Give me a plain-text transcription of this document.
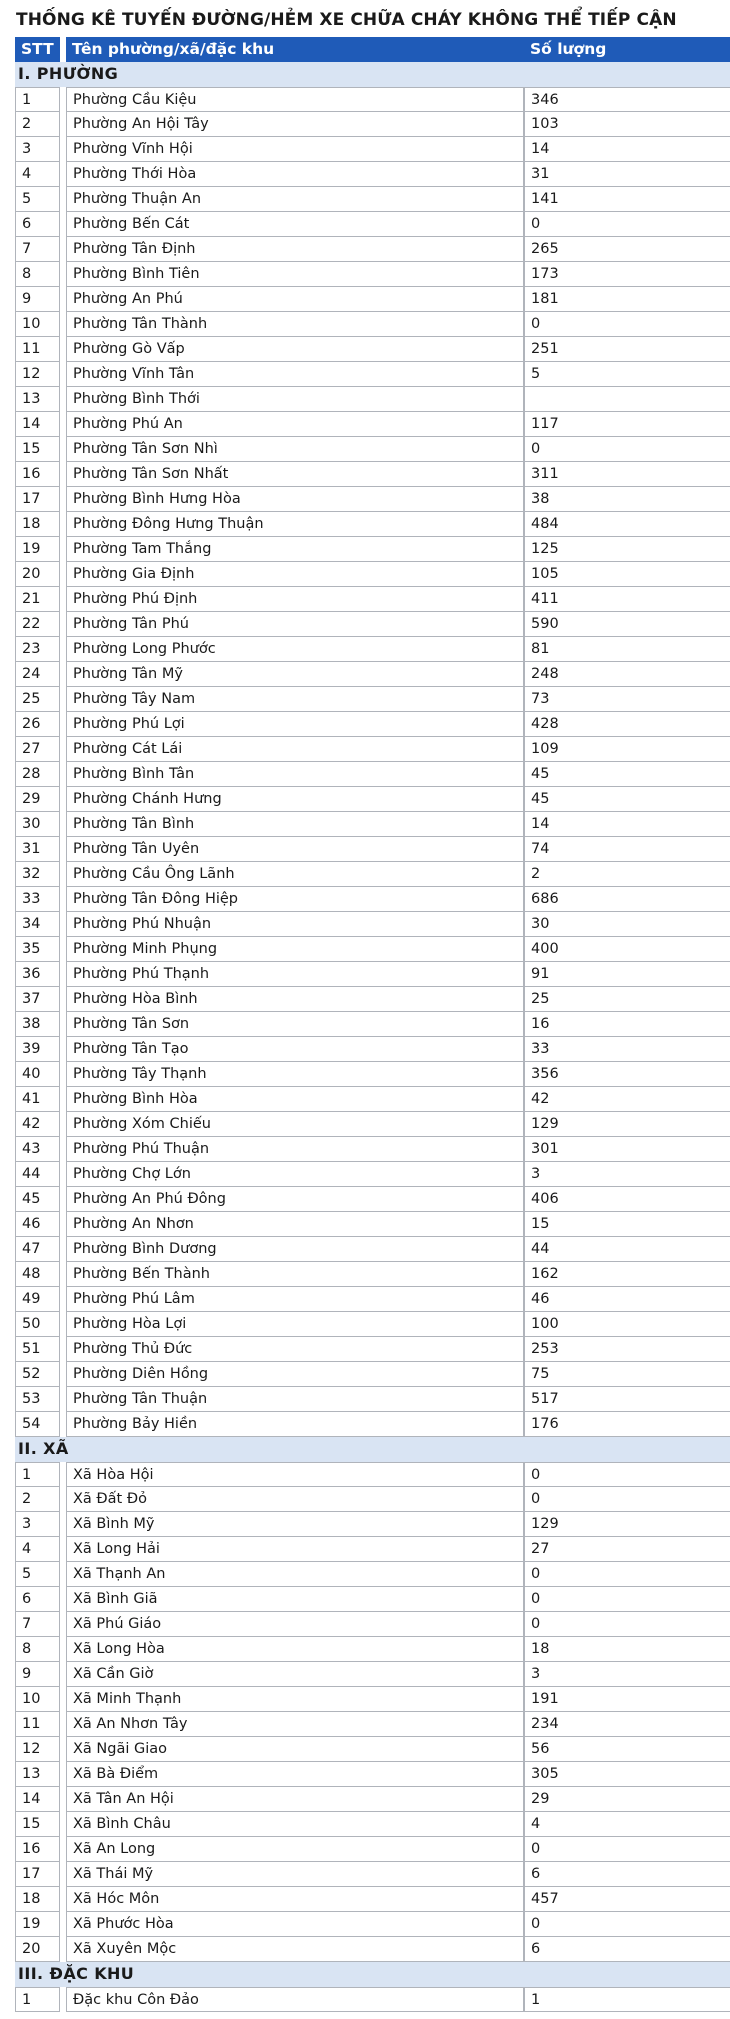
THỐNG KÊ TUYẾN ĐƯỜNG/HẺM XE CHỮA CHÁY KHÔNG THỂ TIẾP CẬN
STT	Tên phường/xã/đặc khu	Số lượng
I. PHƯỜNG
1	Phường Cầu Kiệu	346
2	Phường An Hội Tây	103
3	Phường Vĩnh Hội	14
4	Phường Thới Hòa	31
5	Phường Thuận An	141
6	Phường Bến Cát	0
7	Phường Tân Định	265
8	Phường Bình Tiên	173
9	Phường An Phú	181
10	Phường Tân Thành	0
11	Phường Gò Vấp	251
12	Phường Vĩnh Tân	5
13	Phường Bình Thới
14	Phường Phú An	117
15	Phường Tân Sơn Nhì	0
16	Phường Tân Sơn Nhất	311
17	Phường Bình Hưng Hòa	38
18	Phường Đông Hưng Thuận	484
19	Phường Tam Thắng	125
20	Phường Gia Định	105
21	Phường Phú Định	411
22	Phường Tân Phú	590
23	Phường Long Phước	81
24	Phường Tân Mỹ	248
25	Phường Tây Nam	73
26	Phường Phú Lợi	428
27	Phường Cát Lái	109
28	Phường Bình Tân	45
29	Phường Chánh Hưng	45
30	Phường Tân Bình	14
31	Phường Tân Uyên	74
32	Phường Cầu Ông Lãnh	2
33	Phường Tân Đông Hiệp	686
34	Phường Phú Nhuận	30
35	Phường Minh Phụng	400
36	Phường Phú Thạnh	91
37	Phường Hòa Bình	25
38	Phường Tân Sơn	16
39	Phường Tân Tạo	33
40	Phường Tây Thạnh	356
41	Phường Bình Hòa	42
42	Phường Xóm Chiếu	129
43	Phường Phú Thuận	301
44	Phường Chợ Lớn	3
45	Phường An Phú Đông	406
46	Phường An Nhơn	15
47	Phường Bình Dương	44
48	Phường Bến Thành	162
49	Phường Phú Lâm	46
50	Phường Hòa Lợi	100
51	Phường Thủ Đức	253
52	Phường Diên Hồng	75
53	Phường Tân Thuận	517
54	Phường Bảy Hiền	176
II. XÃ
1	Xã Hòa Hội	0
2	Xã Đất Đỏ	0
3	Xã Bình Mỹ	129
4	Xã Long Hải	27
5	Xã Thạnh An	0
6	Xã Bình Giã	0
7	Xã Phú Giáo	0
8	Xã Long Hòa	18
9	Xã Cần Giờ	3
10	Xã Minh Thạnh	191
11	Xã An Nhơn Tây	234
12	Xã Ngãi Giao	56
13	Xã Bà Điểm	305
14	Xã Tân An Hội	29
15	Xã Bình Châu	4
16	Xã An Long	0
17	Xã Thái Mỹ	6
18	Xã Hóc Môn	457
19	Xã Phước Hòa	0
20	Xã Xuyên Mộc	6
III. ĐẶC KHU
1	Đặc khu Côn Đảo	1
